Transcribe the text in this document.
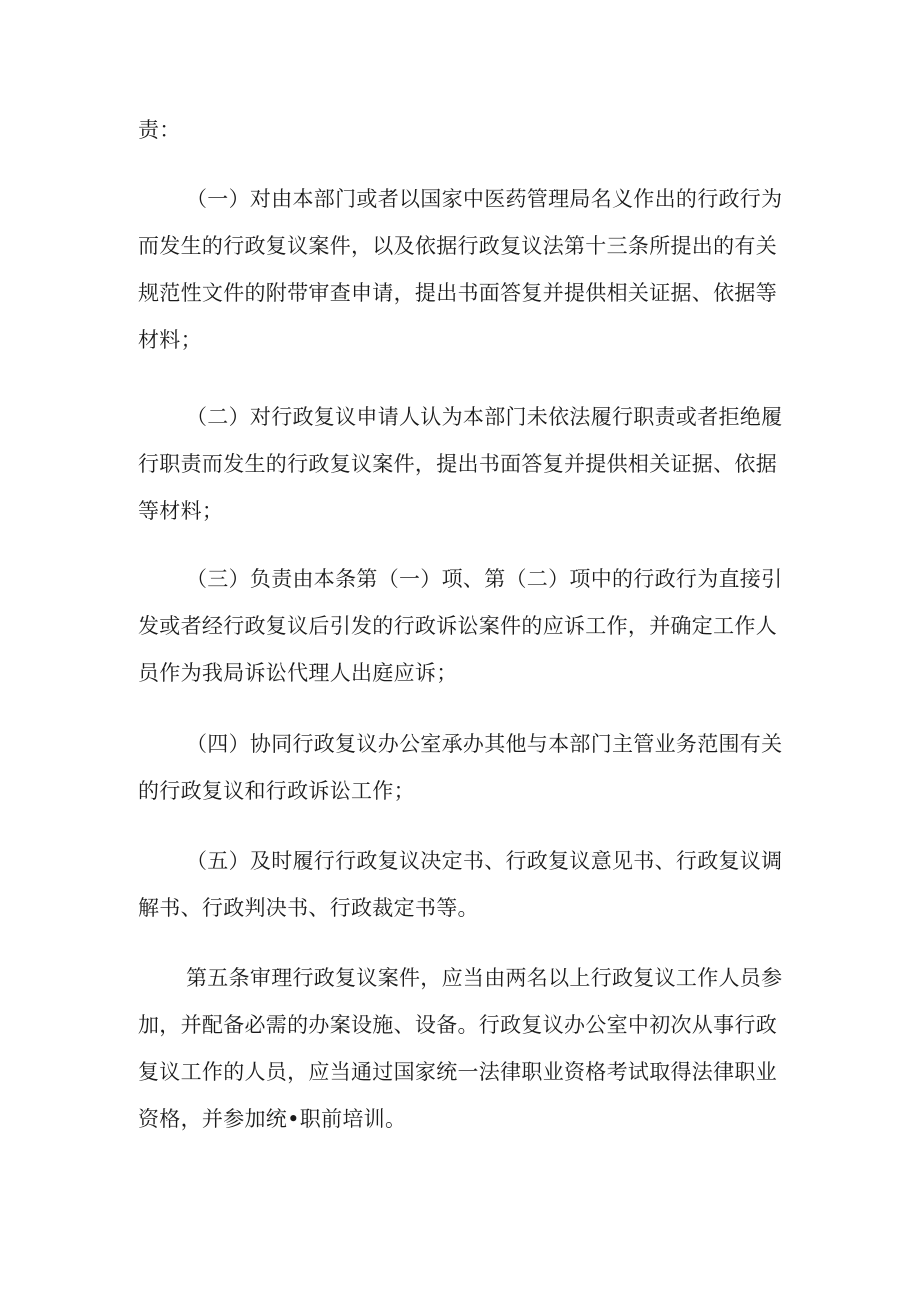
责：

（一）对由本部门或者以国家中医药管理局名义作出的行政行为
而发生的行政复议案件，以及依据行政复议法第十三条所提出的有关
规范性文件的附带审查申请，提出书面答复并提供相关证据、依据等
材料；

（二）对行政复议申请人认为本部门未依法履行职责或者拒绝履
行职责而发生的行政复议案件，提出书面答复并提供相关证据、依据
等材料；

（三）负责由本条第（一）项、第（二）项中的行政行为直接引
发或者经行政复议后引发的行政诉讼案件的应诉工作，并确定工作人
员作为我局诉讼代理人出庭应诉；

（四）协同行政复议办公室承办其他与本部门主管业务范围有关
的行政复议和行政诉讼工作；

（五）及时履行行政复议决定书、行政复议意见书、行政复议调
解书、行政判决书、行政裁定书等。

第五条审理行政复议案件，应当由两名以上行政复议工作人员参
加，并配备必需的办案设施、设备。行政复议办公室中初次从事行政
复议工作的人员，应当通过国家统一法律职业资格考试取得法律职业
资格，并参加统•职前培训。
